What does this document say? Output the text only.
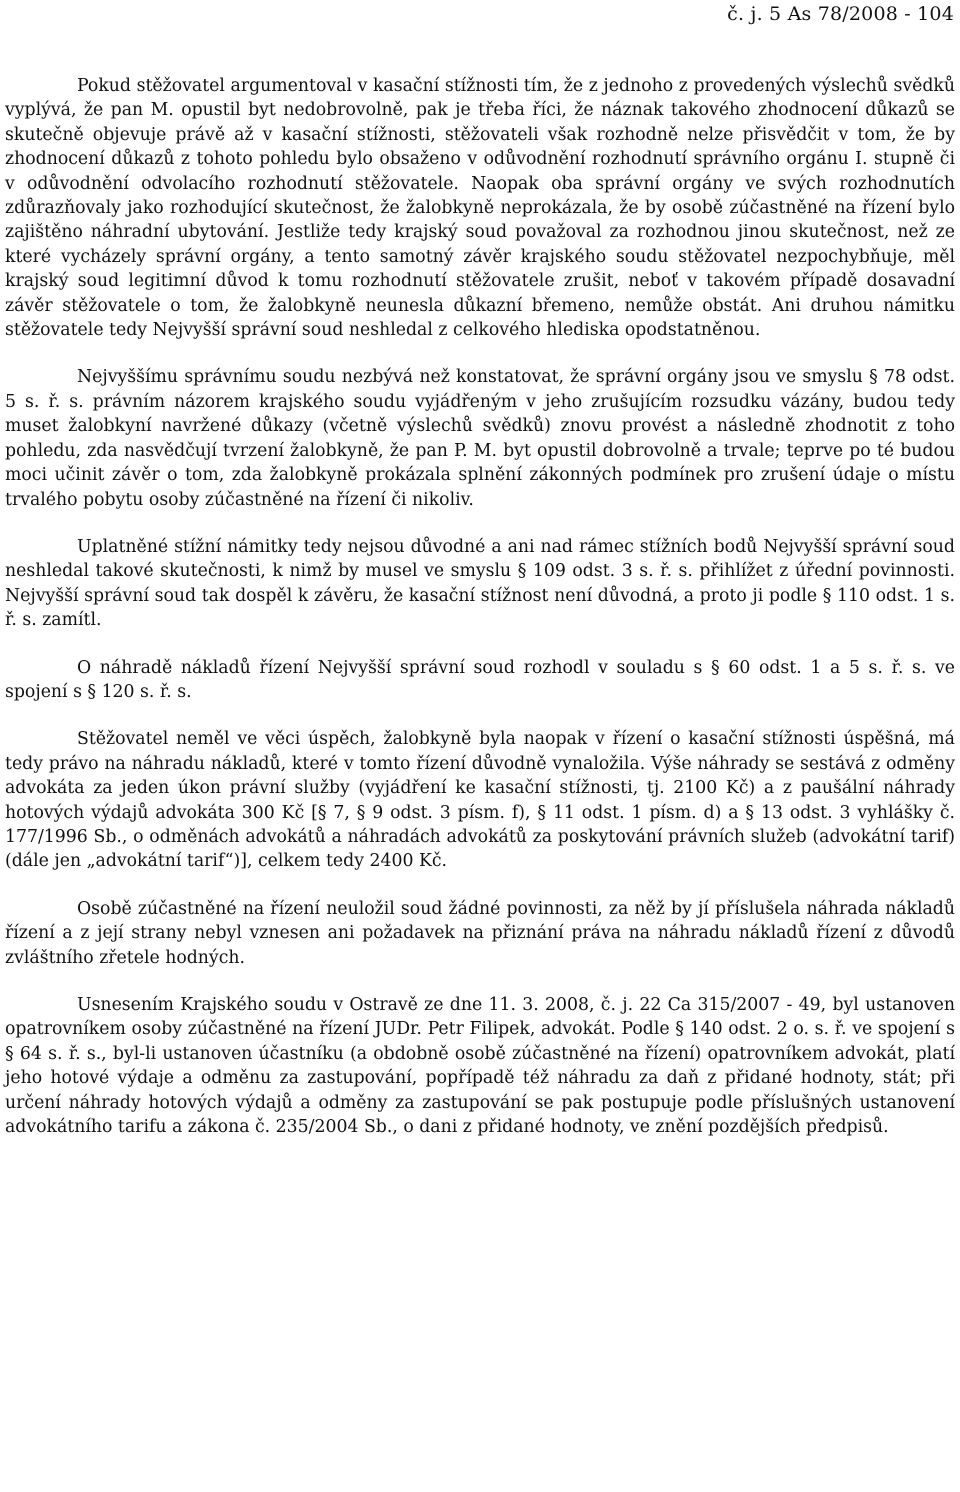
č. j. 5 As 78/2008 - 104

Pokud stěžovatel argumentoval v kasační stížnosti tím, že z jednoho z provedených výslechů svědků vyplývá, že pan M. opustil byt nedobrovolně, pak je třeba říci, že náznak takového zhodnocení důkazů se skutečně objevuje právě až v kasační stížnosti, stěžovateli však rozhodně nelze přisvědčit v tom, že by zhodnocení důkazů z tohoto pohledu bylo obsaženo v odůvodnění rozhodnutí správního orgánu I. stupně či v odůvodnění odvolacího rozhodnutí stěžovatele. Naopak oba správní orgány ve svých rozhodnutích zdůrazňovaly jako rozhodující skutečnost, že žalobkyně neprokázala, že by osobě zúčastněné na řízení bylo zajištěno náhradní ubytování. Jestliže tedy krajský soud považoval za rozhodnou jinou skutečnost, než ze které vycházely správní orgány, a tento samotný závěr krajského soudu stěžovatel nezpochybňuje, měl krajský soud legitimní důvod k tomu rozhodnutí stěžovatele zrušit, neboť v takovém případě dosavadní závěr stěžovatele o tom, že žalobkyně neunesla důkazní břemeno, nemůže obstát. Ani druhou námitku stěžovatele tedy Nejvyšší správní soud neshledal z celkového hlediska opodstatněnou.

Nejvyššímu správnímu soudu nezbývá než konstatovat, že správní orgány jsou ve smyslu § 78 odst. 5 s. ř. s. právním názorem krajského soudu vyjádřeným v jeho zrušujícím rozsudku vázány, budou tedy muset žalobkyní navržené důkazy (včetně výslechů svědků) znovu provést a následně zhodnotit z toho pohledu, zda nasvědčují tvrzení žalobkyně, že pan P. M. byt opustil dobrovolně a trvale; teprve po té budou moci učinit závěr o tom, zda žalobkyně prokázala splnění zákonných podmínek pro zrušení údaje o místu trvalého pobytu osoby zúčastněné na řízení či nikoliv.

Uplatněné stížní námitky tedy nejsou důvodné a ani nad rámec stížních bodů Nejvyšší správní soud neshledal takové skutečnosti, k nimž by musel ve smyslu § 109 odst. 3 s. ř. s. přihlížet z úřední povinnosti. Nejvyšší správní soud tak dospěl k závěru, že kasační stížnost není důvodná, a proto ji podle § 110 odst. 1 s. ř. s. zamítl.

O náhradě nákladů řízení Nejvyšší správní soud rozhodl v souladu s § 60 odst. 1 a 5 s. ř. s. ve spojení s § 120 s. ř. s.

Stěžovatel neměl ve věci úspěch, žalobkyně byla naopak v řízení o kasační stížnosti úspěšná, má tedy právo na náhradu nákladů, které v tomto řízení důvodně vynaložila. Výše náhrady se sestává z odměny advokáta za jeden úkon právní služby (vyjádření ke kasační stížnosti, tj. 2100 Kč) a z paušální náhrady hotových výdajů advokáta 300 Kč [§ 7, § 9 odst. 3 písm. f), § 11 odst. 1 písm. d) a § 13 odst. 3 vyhlášky č. 177/1996 Sb., o odměnách advokátů a náhradách advokátů za poskytování právních služeb (advokátní tarif) (dále jen „advokátní tarif“)], celkem tedy 2400 Kč.

Osobě zúčastněné na řízení neuložil soud žádné povinnosti, za něž by jí příslušela náhrada nákladů řízení a z její strany nebyl vznesen ani požadavek na přiznání práva na náhradu nákladů řízení z důvodů zvláštního zřetele hodných.

Usnesením Krajského soudu v Ostravě ze dne 11. 3. 2008, č. j. 22 Ca 315/2007 - 49, byl ustanoven opatrovníkem osoby zúčastněné na řízení JUDr. Petr Filipek, advokát. Podle § 140 odst. 2 o. s. ř. ve spojení s § 64 s. ř. s., byl-li ustanoven účastníku (a obdobně osobě zúčastněné na řízení) opatrovníkem advokát, platí jeho hotové výdaje a odměnu za zastupování, popřípadě též náhradu za daň z přidané hodnoty, stát; při určení náhrady hotových výdajů a odměny za zastupování se pak postupuje podle příslušných ustanovení advokátního tarifu a zákona č. 235/2004 Sb., o dani z přidané hodnoty, ve znění pozdějších předpisů.
